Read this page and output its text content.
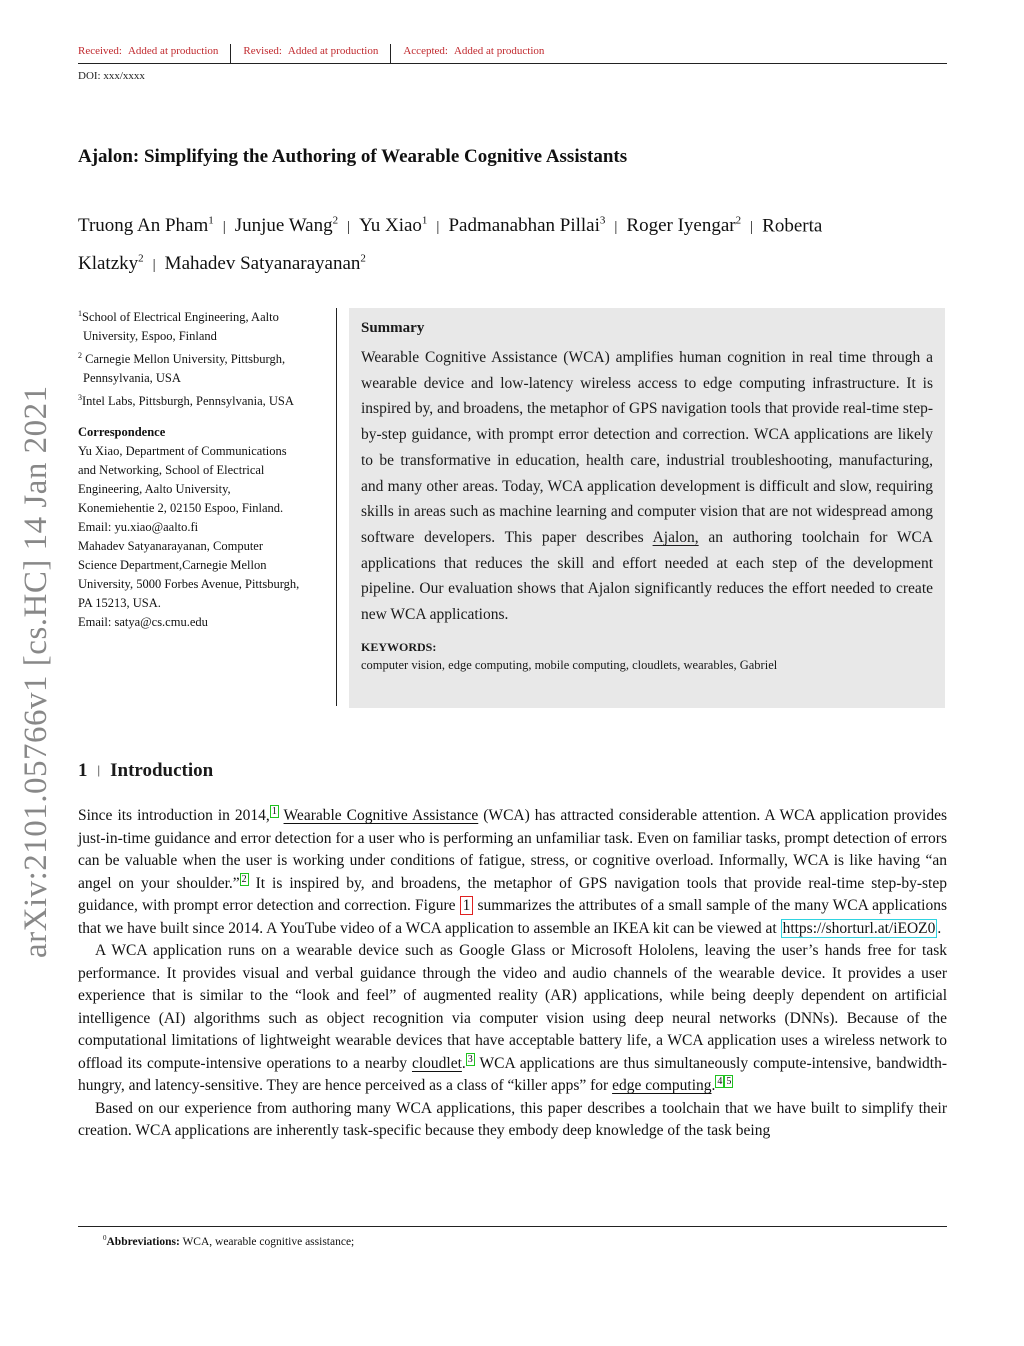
Received: Added at production	Revised: Added at production	Accepted: Added at production
DOI: xxx/xxxx
arXiv:2101.05766v1 [cs.HC] 14 Jan 2021
Ajalon: Simplifying the Authoring of Wearable Cognitive Assistants
Truong An Pham$^1$ | Junjue Wang$^2$ | Yu Xiao$^1$ | Padmanabhan Pillai$^3$ | Roger Iyengar$^2$ | Roberta
Klatzky$^2$ | Mahadev Satyanarayanan$^2$
$^1$School of Electrical Engineering, Aalto
University, Espoo, Finland
$^2$ Carnegie Mellon University, Pittsburgh,
Pennsylvania, USA
$^3$Intel Labs, Pittsburgh, Pennsylvania, USA
Correspondence
Yu Xiao, Department of Communications
and Networking, School of Electrical
Engineering, Aalto University,
Konemiehentie 2, 02150 Espoo, Finland.
Email: yu.xiao@aalto.fi
Mahadev Satyanarayanan, Computer
Science Department,Carnegie Mellon
University, 5000 Forbes Avenue, Pittsburgh,
PA 15213, USA.
Email: satya@cs.cmu.edu
Summary
Wearable Cognitive Assistance (WCA) amplifies human cognition in real time through a wearable device and low-latency wireless access to edge computing infrastructure. It is inspired by, and broadens, the metaphor of GPS navigation tools that provide real-time step-by-step guidance, with prompt error detection and correction. WCA applications are likely to be transformative in education, health care, industrial troubleshooting, manufacturing, and many other areas. Today, WCA application development is difficult and slow, requiring skills in areas such as machine learning and computer vision that are not widespread among software developers. This paper describes Ajalon, an authoring toolchain for WCA applications that reduces the skill and effort needed at each step of the development pipeline. Our evaluation shows that Ajalon significantly reduces the effort needed to create new WCA applications.
KEYWORDS:
computer vision, edge computing, mobile computing, cloudlets, wearables, Gabriel
1 | Introduction

Since its introduction in 2014, $^1$ Wearable Cognitive Assistance (WCA) has attracted considerable attention. A WCA application provides just-in-time guidance and error detection for a user who is performing an unfamiliar task. Even on familiar tasks, prompt detection of errors can be valuable when the user is working under conditions of fatigue, stress, or cognitive overload. Informally, WCA is like having “an angel on your shoulder.” $^2$ It is inspired by, and broadens, the metaphor of GPS navigation tools that provide real-time step-by-step guidance, with prompt error detection and correction. Figure 1 summarizes the attributes of a small sample of the many WCA applications that we have built since 2014. A YouTube video of a WCA application to assemble an IKEA kit can be viewed at https://shorturl.at/iEOZ0 .

A WCA application runs on a wearable device such as Google Glass or Microsoft Hololens, leaving the user’s hands free for task performance. It provides visual and verbal guidance through the video and audio channels of the wearable device. It provides a user experience that is similar to the “look and feel” of augmented reality (AR) applications, while being deeply dependent on artificial intelligence (AI) algorithms such as object recognition via computer vision using deep neural networks (DNNs). Because of the computational limitations of lightweight wearable devices that have acceptable battery life, a WCA application uses a wireless network to offload its compute-intensive operations to a nearby cloudlet. $^3$ WCA applications are thus simultaneously compute-intensive, bandwidth-hungry, and latency-sensitive. They are hence perceived as a class of “killer apps” for edge computing. $^4$ $^5$

Based on our experience from authoring many WCA applications, this paper describes a toolchain that we have built to simplify their creation. WCA applications are inherently task-specific because they embody deep knowledge of the task being

$^0$Abbreviations: WCA, wearable cognitive assistance;
